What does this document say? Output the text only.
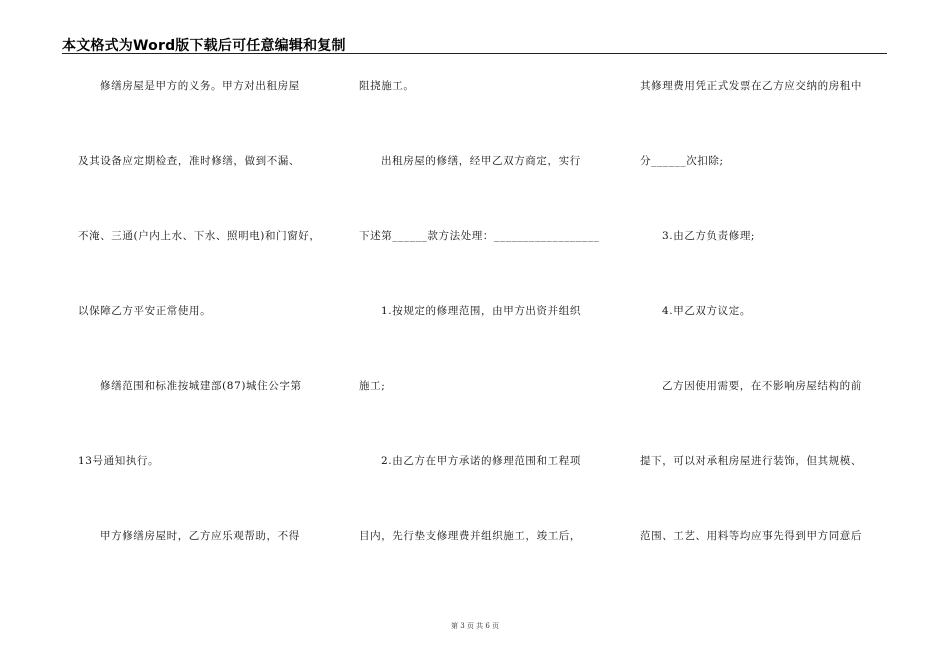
本文格式为Word版下载后可任意编辑和复制
修缮房屋是甲方的义务。甲方对出租房屋
及其设备应定期检查，准时修缮，做到不漏、
不淹、三通(户内上水、下水、照明电)和门窗好，
以保障乙方平安正常使用。
修缮范围和标准按城建部(87)城住公字第
13号通知执行。
甲方修缮房屋时，乙方应乐观帮助，不得
阻挠施工。
出租房屋的修缮，经甲乙双方商定，实行
下述第______款方法处理：__________________
1.按规定的修理范围，由甲方出资并组织
施工;
2.由乙方在甲方承诺的修理范围和工程项
目内，先行垫支修理费并组织施工，竣工后，
其修理费用凭正式发票在乙方应交纳的房租中
分______次扣除;
3.由乙方负责修理;
4.甲乙双方议定。
乙方因使用需要，在不影响房屋结构的前
提下，可以对承租房屋进行装饰，但其规模、
范围、工艺、用料等均应事先得到甲方同意后
第 3 页 共 6 页
